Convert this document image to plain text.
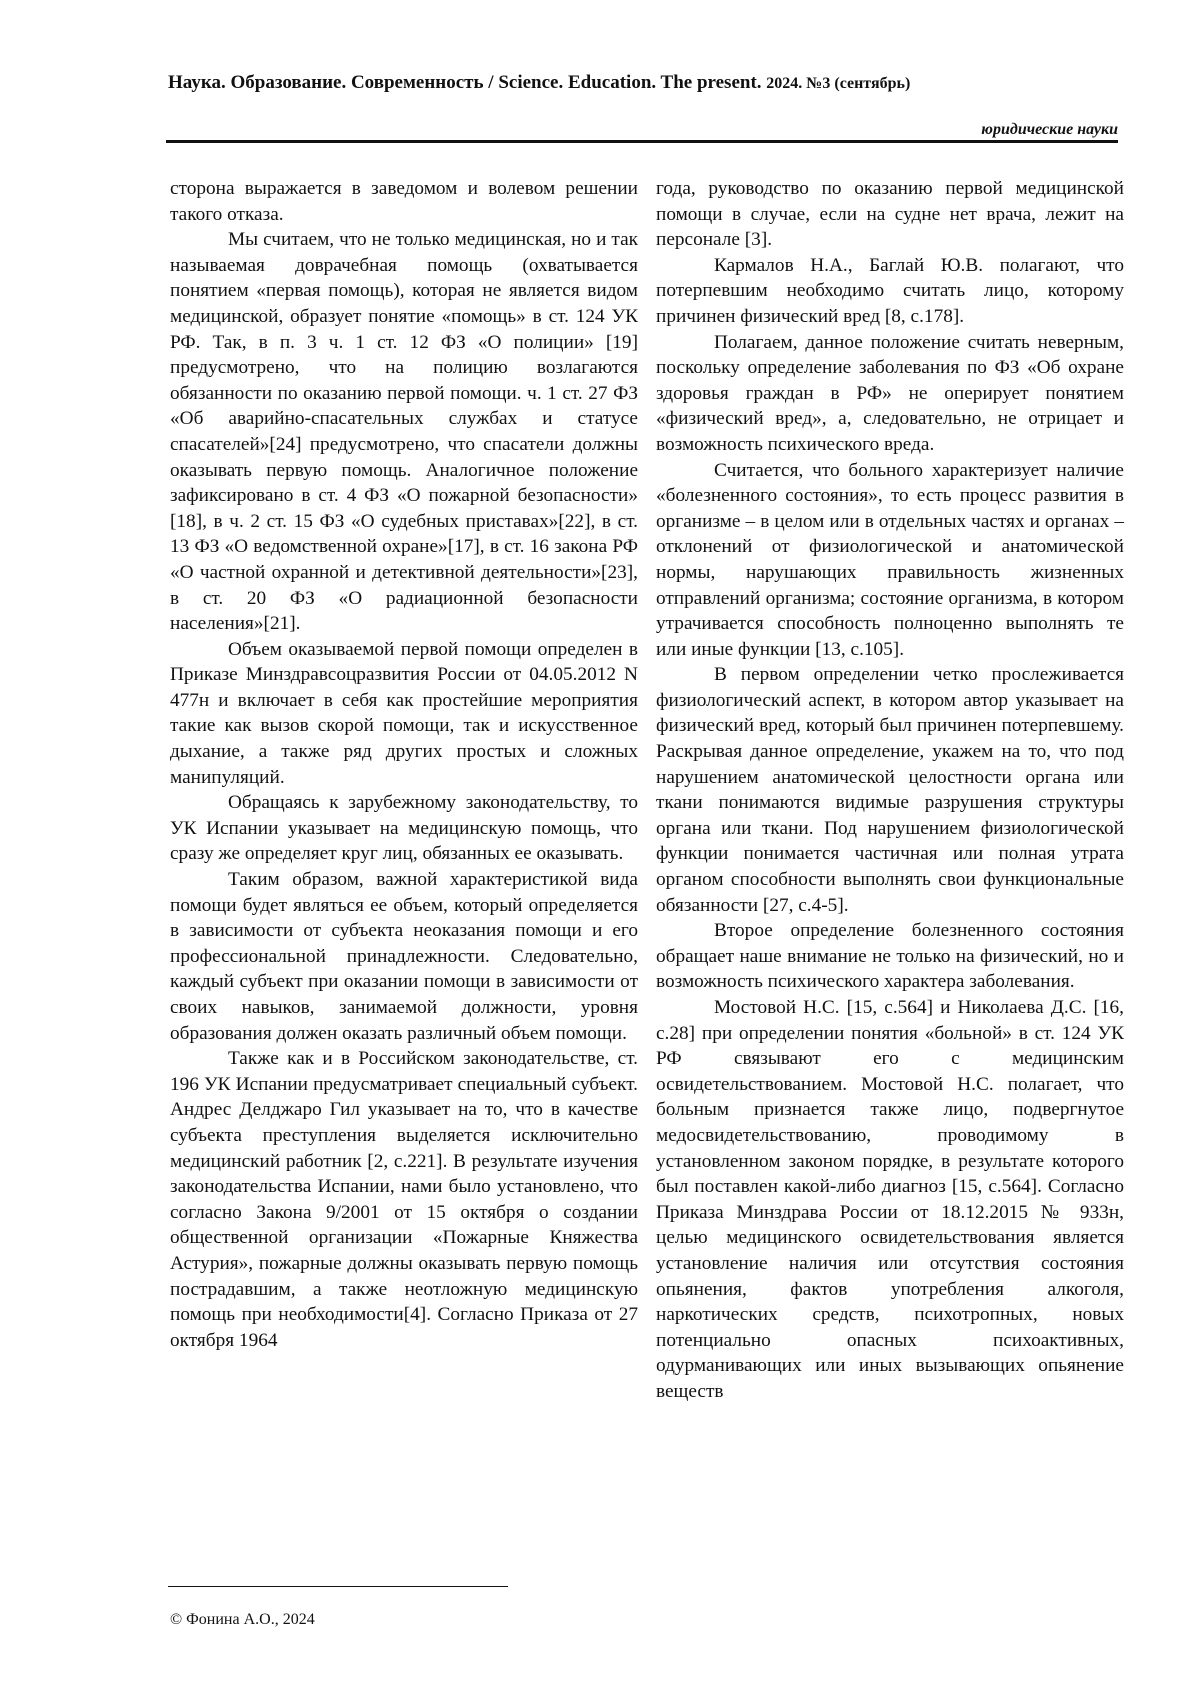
Наука. Образование. Современность / Science. Education. The present. 2024. №3 (сентябрь)
юридические науки

сторона выражается в заведомом и волевом решении такого отказа.

Мы считаем, что не только медицинская, но и так называемая доврачебная помощь (охватывается понятием «первая помощь), которая не является видом медицинской, образует понятие «помощь» в ст. 124 УК РФ. Так, в п. 3 ч. 1 ст. 12 ФЗ «О полиции» [19] предусмотрено, что на полицию возлагаются обязанности по оказанию первой помощи. ч. 1 ст. 27 ФЗ «Об аварийно-спасательных службах и статусе спасателей»[24] предусмотрено, что спасатели должны оказывать первую помощь. Аналогичное положение зафиксировано в ст. 4 ФЗ «О пожарной безопасности» [18], в ч. 2 ст. 15 ФЗ «О судебных приставах»[22], в ст. 13 ФЗ «О ведомственной охране»[17], в ст. 16 закона РФ «О частной охранной и детективной деятельности»[23], в ст. 20 ФЗ «О радиационной безопасности населения»[21].

Объем оказываемой первой помощи определен в Приказе Минздравсоцразвития России от 04.05.2012 N 477н и включает в себя как простейшие мероприятия такие как вызов скорой помощи, так и искусственное дыхание, а также ряд других простых и сложных манипуляций.

Обращаясь к зарубежному законодательству, то УК Испании указывает на медицинскую помощь, что сразу же определяет круг лиц, обязанных ее оказывать.

Таким образом, важной характеристикой вида помощи будет являться ее объем, который определяется в зависимости от субъекта неоказания помощи и его профессиональной принадлежности. Следовательно, каждый субъект при оказании помощи в зависимости от своих навыков, занимаемой должности, уровня образования должен оказать различный объем помощи.

Также как и в Российском законодательстве, ст. 196 УК Испании предусматривает специальный субъект. Андрес Делджаро Гил указывает на то, что в качестве субъекта преступления выделяется исключительно медицинский работник [2, с.221]. В результате изучения законодательства Испании, нами было установлено, что согласно Закона 9/2001 от 15 октября о создании общественной организации «Пожарные Княжества Астурия», пожарные должны оказывать первую помощь пострадавшим, а также неотложную медицинскую помощь при необходимости[4]. Согласно Приказа от 27 октября 1964

года, руководство по оказанию первой медицинской помощи в случае, если на судне нет врача, лежит на персонале [3].

Кармалов Н.А., Баглай Ю.В. полагают, что потерпевшим необходимо считать лицо, которому причинен физический вред [8, с.178].

Полагаем, данное положение считать неверным, поскольку определение заболевания по ФЗ «Об охране здоровья граждан в РФ» не оперирует понятием «физический вред», а, следовательно, не отрицает и возможность психического вреда.

Считается, что больного характеризует наличие «болезненного состояния», то есть процесс развития в организме – в целом или в отдельных частях и органах – отклонений от физиологической и анатомической нормы, нарушающих правильность жизненных отправлений организма; состояние организма, в котором утрачивается способность полноценно выполнять те или иные функции [13, с.105].

В первом определении четко прослеживается физиологический аспект, в котором автор указывает на физический вред, который был причинен потерпевшему. Раскрывая данное определение, укажем на то, что под нарушением анатомической целостности органа или ткани понимаются видимые разрушения структуры органа или ткани. Под нарушением физиологической функции понимается частичная или полная утрата органом способности выполнять свои функциональные обязанности [27, с.4-5].

Второе определение болезненного состояния обращает наше внимание не только на физический, но и возможность психического характера заболевания.

Мостовой Н.С. [15, с.564] и Николаева Д.С. [16, с.28] при определении понятия «больной» в ст. 124 УК РФ связывают его с медицинским освидетельствованием. Мостовой Н.С. полагает, что больным признается также лицо, подвергнутое медосвидетельствованию, проводимому в установленном законом порядке, в результате которого был поставлен какой-либо диагноз [15, с.564]. Согласно Приказа Минздрава России от 18.12.2015 № 933н, целью медицинского освидетельствования является установление наличия или отсутствия состояния опьянения, фактов употребления алкоголя, наркотических средств, психотропных, новых потенциально опасных психоактивных, одурманивающих или иных вызывающих опьянение веществ

© Фонина А.О., 2024
